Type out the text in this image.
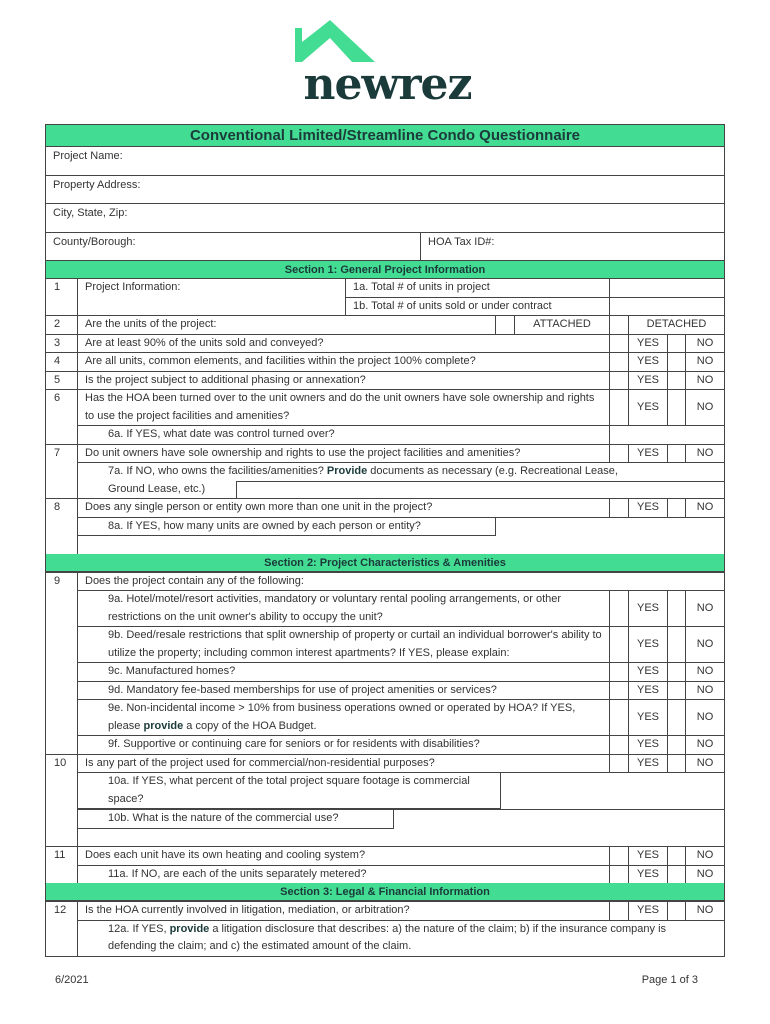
newrez
Conventional Limited/Streamline Condo Questionnaire
Project Name:
Property Address:
City, State, Zip:
County/Borough:	HOA Tax ID#:
Section 1: General Project Information
1	Project Information:	1a. Total # of units in project
1b. Total # of units sold or under contract
2	Are the units of the project:	ATTACHED	DETACHED
3	Are at least 90% of the units sold and conveyed?	YES	NO
4	Are all units, common elements, and facilities within the project 100% complete?	YES	NO
5	Is the project subject to additional phasing or annexation?	YES	NO
6	Has the HOA been turned over to the unit owners and do the unit owners have sole ownership and rights to use the project facilities and amenities?
YES	NO
6a. If YES, what date was control turned over?
7	Do unit owners have sole ownership and rights to use the project facilities and amenities?	YES	NO
7a. If NO, who owns the facilities/amenities? Provide documents as necessary (e.g. Recreational Lease,
Ground Lease, etc.)
8	Does any single person or entity own more than one unit in the project?	YES	NO
8a. If YES, how many units are owned by each person or entity?
Section 2: Project Characteristics & Amenities
9	Does the project contain any of the following:
9a. Hotel/motel/resort activities, mandatory or voluntary rental pooling arrangements, or other restrictions on the unit owner's ability to occupy the unit?
YES	NO
9b. Deed/resale restrictions that split ownership of property or curtail an individual borrower's ability to utilize the property; including common interest apartments? If YES, please explain:
YES	NO
9c. Manufactured homes?	YES	NO
9d. Mandatory fee-based memberships for use of project amenities or services?	YES	NO
9e. Non-incidental income > 10% from business operations owned or operated by HOA? If YES, please provide a copy of the HOA Budget.
YES	NO
9f. Supportive or continuing care for seniors or for residents with disabilities?	YES	NO
10	Is any part of the project used for commercial/non-residential purposes?	YES	NO
10a. If YES, what percent of the total project square footage is commercial space?
10b. What is the nature of the commercial use?
11	Does each unit have its own heating and cooling system?	YES	NO
11a. If NO, are each of the units separately metered?	YES	NO
Section 3: Legal & Financial Information
12	Is the HOA currently involved in litigation, mediation, or arbitration?	YES	NO
12a. If YES, provide a litigation disclosure that describes: a) the nature of the claim; b) if the insurance company is defending the claim; and c) the estimated amount of the claim.
6/2021	Page 1 of 3
